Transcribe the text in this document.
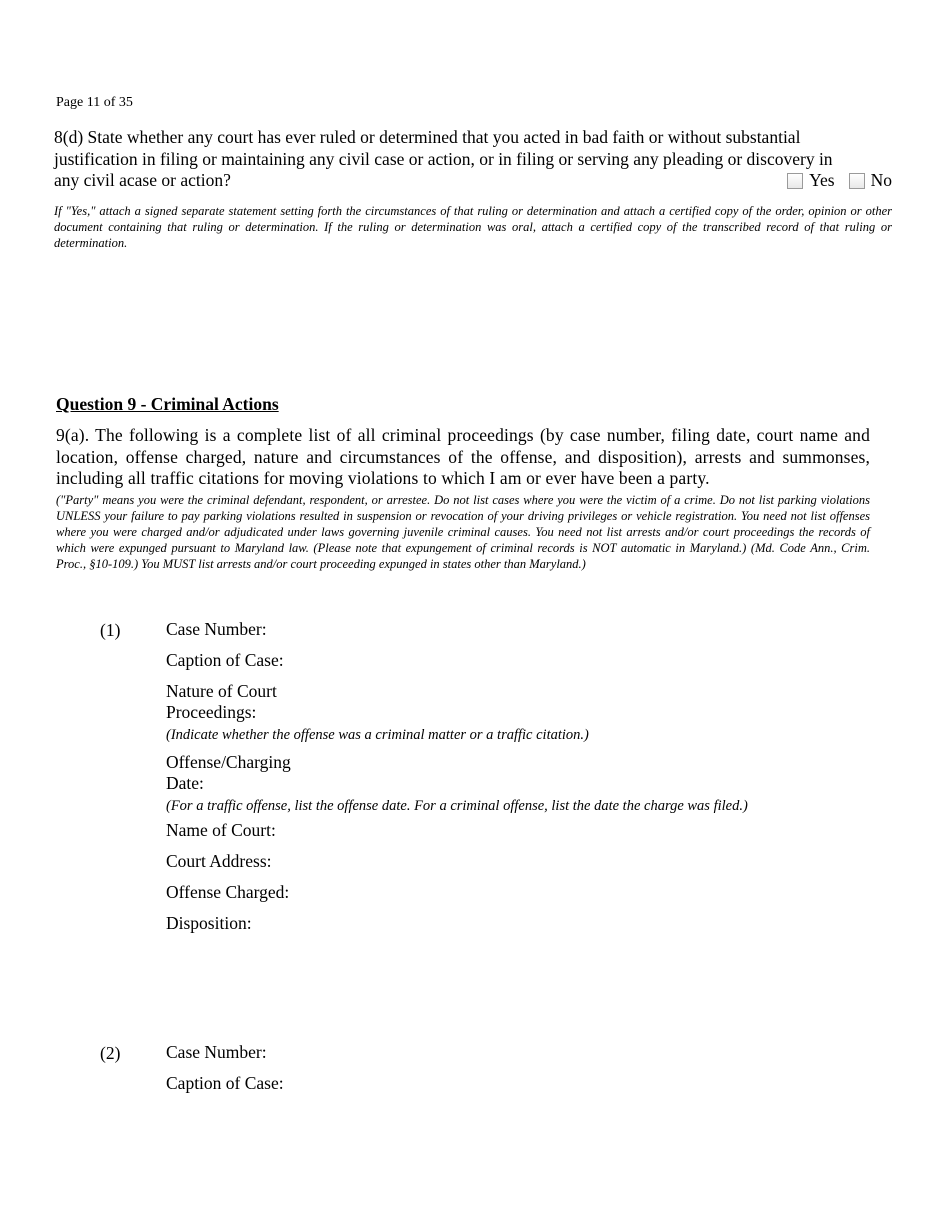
Page 11 of 35
8(d) State whether any court has ever ruled or determined that you acted in bad faith or without substantial justification in filing or maintaining any civil case or action, or in filing or serving any pleading or discovery in
any civil acase or action?	Yes No
If "Yes," attach a signed separate statement setting forth the circumstances of that ruling or determination and attach a certified copy of the order, opinion or other document containing that ruling or determination. If the ruling or determination was oral, attach a certified copy of the transcribed record of that ruling or determination.
Question 9 - Criminal Actions
9(a). The following is a complete list of all criminal proceedings (by case number, filing date, court name and location, offense charged, nature and circumstances of the offense, and disposition), arrests and summonses, including all traffic citations for moving violations to which I am or ever have been a party.
("Party" means you were the criminal defendant, respondent, or arrestee. Do not list cases where you were the victim of a crime. Do not list parking violations UNLESS your failure to pay parking violations resulted in suspension or revocation of your driving privileges or vehicle registration. You need not list offenses where you were charged and/or adjudicated under laws governing juvenile criminal causes. You need not list arrests and/or court proceedings the records of which were expunged pursuant to Maryland law. (Please note that expungement of criminal records is NOT automatic in Maryland.) (Md. Code Ann., Crim. Proc., §10-109.) You MUST list arrests and/or court proceeding expunged in states other than Maryland.)
(1)	Case Number:
Caption of Case:
Nature of Court
Proceedings:
(Indicate whether the offense was a criminal matter or a traffic citation.)
Offense/Charging
Date:
(For a traffic offense, list the offense date. For a criminal offense, list the date the charge was filed.)
Name of Court:
Court Address:
Offense Charged:
Disposition:
(2)	Case Number:
Caption of Case:
